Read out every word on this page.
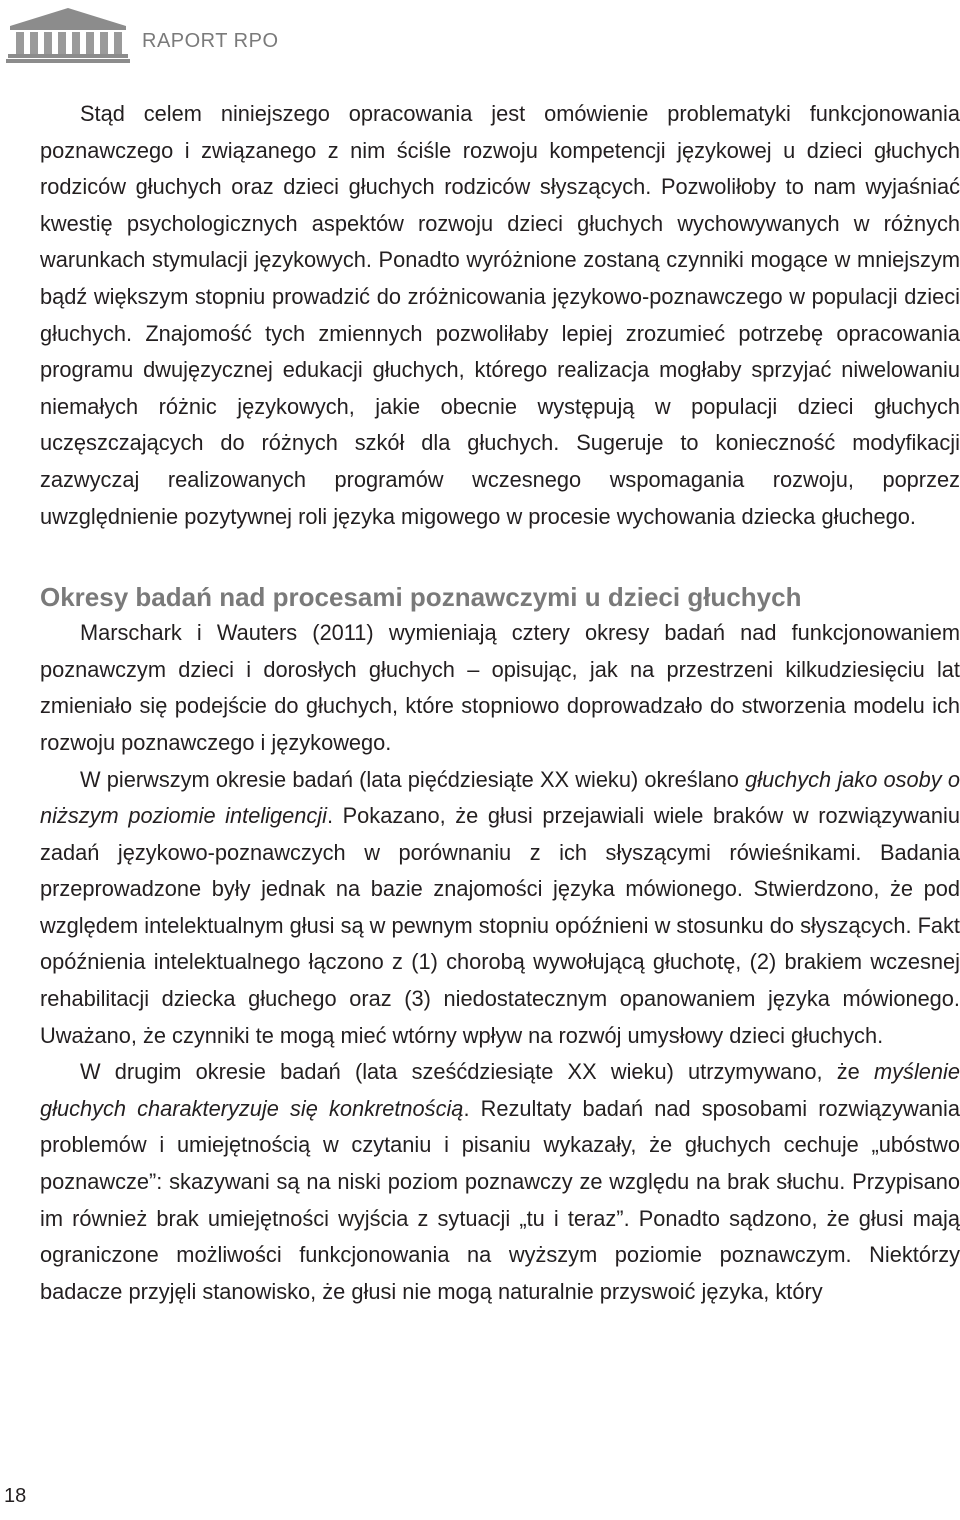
RAPORT RPO

Stąd celem niniejszego opracowania jest omówienie problematyki funkcjonowania poznawczego i związanego z nim ściśle rozwoju kompetencji językowej u dzieci głuchych rodziców głuchych oraz dzieci głuchych rodziców słyszących. Pozwoliłoby to nam wyjaśniać kwestię psychologicznych aspektów rozwoju dzieci głuchych wychowywanych w różnych warunkach stymulacji językowych. Ponadto wyróżnione zostaną czynniki mogące w mniejszym bądź większym stopniu prowadzić do zróżnicowania językowo-poznawczego w populacji dzieci głuchych. Znajomość tych zmiennych pozwoliłaby lepiej zrozumieć potrzebę opracowania programu dwujęzycznej edukacji głuchych, którego realizacja mogłaby sprzyjać niwelowaniu niemałych różnic językowych, jakie obecnie występują w populacji dzieci głuchych uczęszczających do różnych szkół dla głuchych. Sugeruje to konieczność modyfikacji zazwyczaj realizowanych programów wczesnego wspomagania rozwoju, poprzez uwzględnienie pozytywnej roli języka migowego w procesie wychowania dziecka głuchego.

Okresy badań nad procesami poznawczymi u dzieci głuchych

Marschark i Wauters (2011) wymieniają cztery okresy badań nad funkcjonowaniem poznawczym dzieci i dorosłych głuchych – opisując, jak na przestrzeni kilkudziesięciu lat zmieniało się podejście do głuchych, które stopniowo doprowadzało do stworzenia modelu ich rozwoju poznawczego i językowego.

W pierwszym okresie badań (lata pięćdziesiąte XX wieku) określano głuchych jako osoby o niższym poziomie inteligencji. Pokazano, że głusi przejawiali wiele braków w rozwiązywaniu zadań językowo-poznawczych w porównaniu z ich słyszącymi rówieśnikami. Badania przeprowadzone były jednak na bazie znajomości języka mówionego. Stwierdzono, że pod względem intelektualnym głusi są w pewnym stopniu opóźnieni w stosunku do słyszących. Fakt opóźnienia intelektualnego łączono z (1) chorobą wywołującą głuchotę, (2) brakiem wczesnej rehabilitacji dziecka głuchego oraz (3) niedostatecznym opanowaniem języka mówionego. Uważano, że czynniki te mogą mieć wtórny wpływ na rozwój umysłowy dzieci głuchych.

W drugim okresie badań (lata sześćdziesiąte XX wieku) utrzymywano, że myślenie głuchych charakteryzuje się konkretnością. Rezultaty badań nad sposobami rozwiązywania problemów i umiejętnością w czytaniu i pisaniu wykazały, że głuchych cechuje „ubóstwo poznawcze”: skazywani są na niski poziom poznawczy ze względu na brak słuchu. Przypisano im również brak umiejętności wyjścia z sytuacji „tu i teraz”. Ponadto sądzono, że głusi mają ograniczone możliwości funkcjonowania na wyższym poziomie poznawczym. Niektórzy badacze przyjęli stanowisko, że głusi nie mogą naturalnie przyswoić języka, który

18
